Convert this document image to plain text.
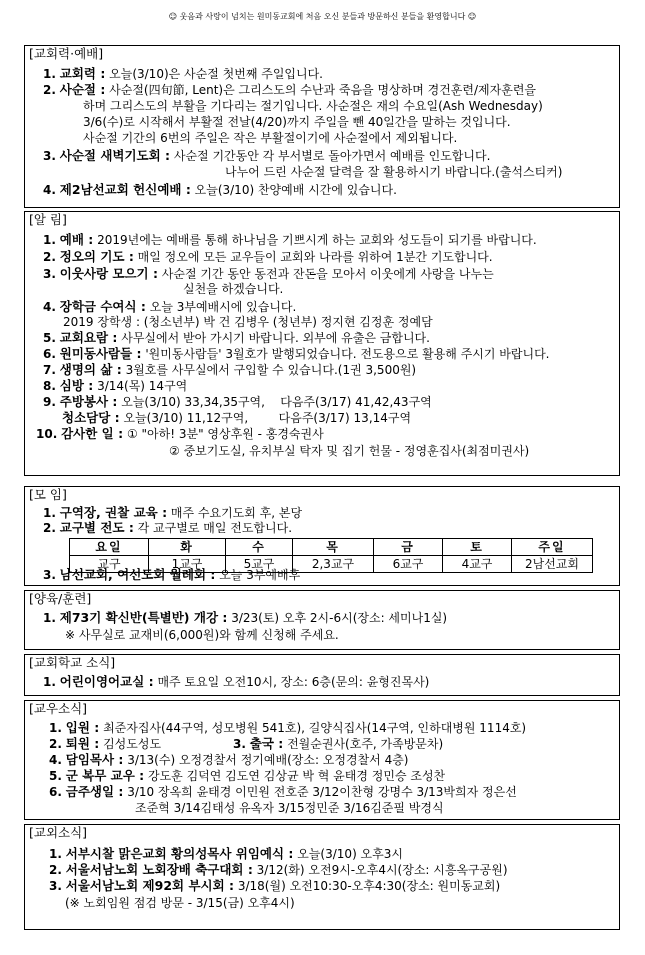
☺ 웃음과 사랑이 넘치는 원미동교회에 처음 오신 분들과 방문하신 분들을 환영합니다 ☺
[교회력·예배]
1. 교회력 : 오늘(3/10)은 사순절 첫번째 주일입니다.
2. 사순절 : 사순절(四旬節, Lent)은 그리스도의 수난과 죽음을 명상하며 경건훈련/제자훈련을
하며 그리스도의 부활을 기다리는 절기입니다. 사순절은 재의 수요일(Ash Wednesday)
3/6(수)로 시작해서 부활절 전날(4/20)까지 주일을 뺀 40일간을 말하는 것입니다.
사순절 기간의 6번의 주일은 작은 부활절이기에 사순절에서 제외됩니다.
3. 사순절 새벽기도회 : 사순절 기간동안 각 부서별로 돌아가면서 예배를 인도합니다.
나누어 드린 사순절 달력을 잘 활용하시기 바랍니다.(출석스티커)
4. 제2남선교회 헌신예배 : 오늘(3/10) 찬양예배 시간에 있습니다.
[알 림]
1. 예배 : 2019년에는 예배를 통해 하나님을 기쁘시게 하는 교회와 성도들이 되기를 바랍니다.
2. 정오의 기도 : 매일 정오에 모든 교우들이 교회와 나라를 위하여 1분간 기도합니다.
3. 이웃사랑 모으기 : 사순절 기간 동안 동전과 잔돈을 모아서 이웃에게 사랑을 나누는
실천을 하겠습니다.
4. 장학금 수여식 : 오늘 3부예배시에 있습니다.
2019 장학생 : (청소년부) 박 건 김병우 (청년부) 정지현 김정훈 정예담
5. 교회요람 : 사무실에서 받아 가시기 바랍니다. 외부에 유출은 금합니다.
6. 원미동사람들 : '원미동사람들' 3월호가 발행되었습니다. 전도용으로 활용해 주시기 바랍니다.
7. 생명의 삶 : 3월호를 사무실에서 구입할 수 있습니다.(1권 3,500원)
8. 심방 : 3/14(목) 14구역
9. 주방봉사 : 오늘(3/10) 33,34,35구역,    다음주(3/17) 41,42,43구역
청소담당 : 오늘(3/10) 11,12구역,        다음주(3/17) 13,14구역
10. 감사한 일 : ① "아하! 3분" 영상후원 - 홍경숙권사
② 중보기도실, 유치부실 탁자 및 집기 헌물 - 정영훈집사(최점미권사)
[모 임]
1. 구역장, 권찰 교육 : 매주 수요기도회 후, 본당
2. 교구별 전도 : 각 교구별로 매일 전도합니다.
요일	화	수	목	금	토	주일
교구	1교구	5교구	2,3교구	6교구	4교구	2남선교회
3. 남선교회, 여선도회 월례회 : 오늘 3부예배후
[양육/훈련]
1. 제73기 확신반(특별반) 개강 : 3/23(토) 오후 2시-6시(장소: 세미나1실)
※ 사무실로 교재비(6,000원)와 함께 신청해 주세요.
[교회학교 소식]
1. 어린이영어교실 : 매주 토요일 오전10시, 장소: 6층(문의: 윤형진목사)
[교우소식]
1. 입원 : 최준자집사(44구역, 성모병원 541호), 길양식집사(14구역, 인하대병원 1114호)
2. 퇴원 : 김성도성도	3. 출국 : 전월순권사(호주, 가족방문차)
4. 담임목사 : 3/13(수) 오정경찰서 정기예배(장소: 오정경찰서 4층)
5. 군 복무 교우 : 강도훈 김덕연 김도연 김상균 박 혁 윤태경 정민승 조성찬
6. 금주생일 : 3/10 장옥희 윤태경 이민원 전호준 3/12이찬형 강명수 3/13박희자 정은선
조준혁 3/14김태성 유옥자 3/15정민준 3/16김준필 박경식
[교외소식]
1. 서부시찰 맑은교회 황의성목사 위임예식 : 오늘(3/10) 오후3시
2. 서울서남노회 노회장배 축구대회 : 3/12(화) 오전9시-오후4시(장소: 시흥옥구공원)
3. 서울서남노회 제92회 부시회 : 3/18(월) 오전10:30-오후4:30(장소: 원미동교회)
(※ 노회임원 점검 방문 - 3/15(금) 오후4시)
